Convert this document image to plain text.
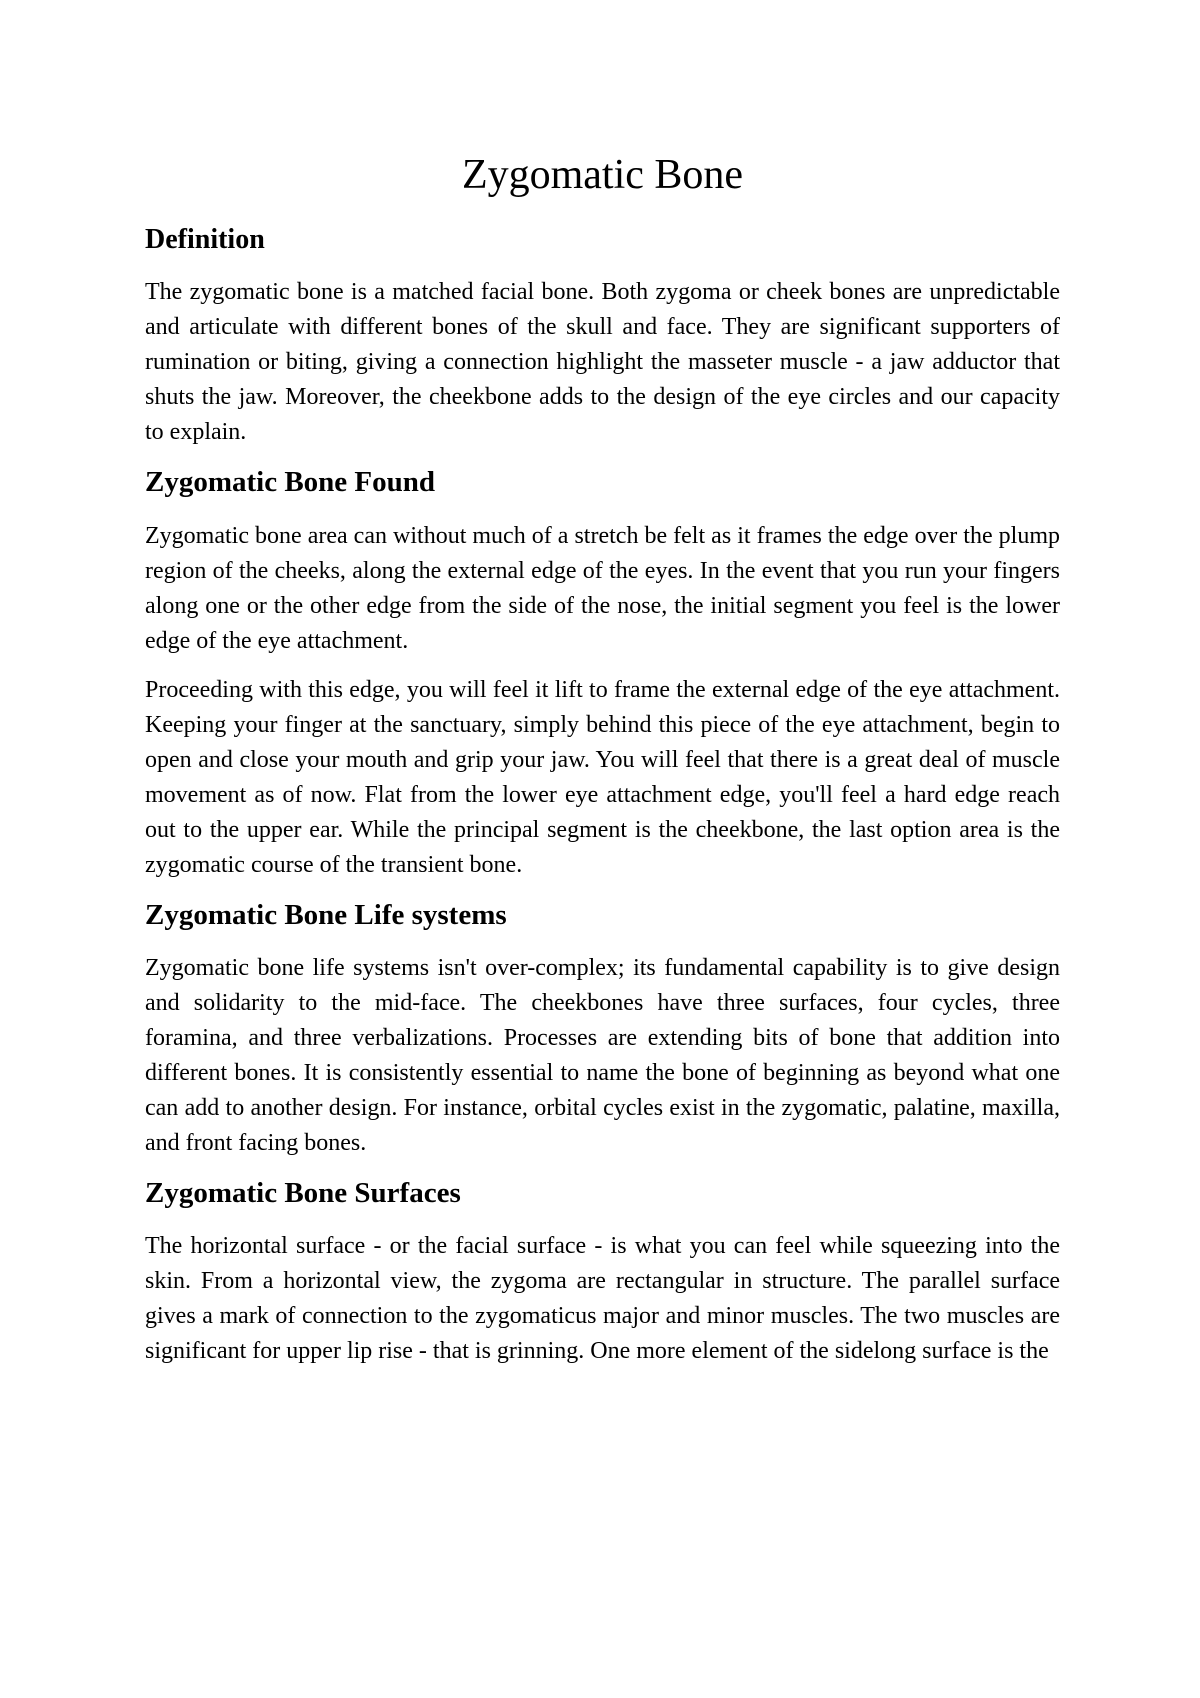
Zygomatic Bone
Definition

The zygomatic bone is a matched facial bone. Both zygoma or cheek bones are unpredictable and articulate with different bones of the skull and face. They are significant supporters of rumination or biting, giving a connection highlight the masseter muscle - a jaw adductor that shuts the jaw. Moreover, the cheekbone adds to the design of the eye circles and our capacity to explain.

Zygomatic Bone Found

Zygomatic bone area can without much of a stretch be felt as it frames the edge over the plump region of the cheeks, along the external edge of the eyes. In the event that you run your fingers along one or the other edge from the side of the nose, the initial segment you feel is the lower edge of the eye attachment.

Proceeding with this edge, you will feel it lift to frame the external edge of the eye attachment. Keeping your finger at the sanctuary, simply behind this piece of the eye attachment, begin to open and close your mouth and grip your jaw. You will feel that there is a great deal of muscle movement as of now. Flat from the lower eye attachment edge, you'll feel a hard edge reach out to the upper ear. While the principal segment is the cheekbone, the last option area is the zygomatic course of the transient bone.

Zygomatic Bone Life systems

Zygomatic bone life systems isn't over-complex; its fundamental capability is to give design and solidarity to the mid-face. The cheekbones have three surfaces, four cycles, three foramina, and three verbalizations. Processes are extending bits of bone that addition into different bones. It is consistently essential to name the bone of beginning as beyond what one can add to another design. For instance, orbital cycles exist in the zygomatic, palatine, maxilla, and front facing bones.

Zygomatic Bone Surfaces

The horizontal surface - or the facial surface - is what you can feel while squeezing into the skin. From a horizontal view, the zygoma are rectangular in structure. The parallel surface gives a mark of connection to the zygomaticus major and minor muscles. The two muscles are significant for upper lip rise - that is grinning. One more element of the sidelong surface is the
